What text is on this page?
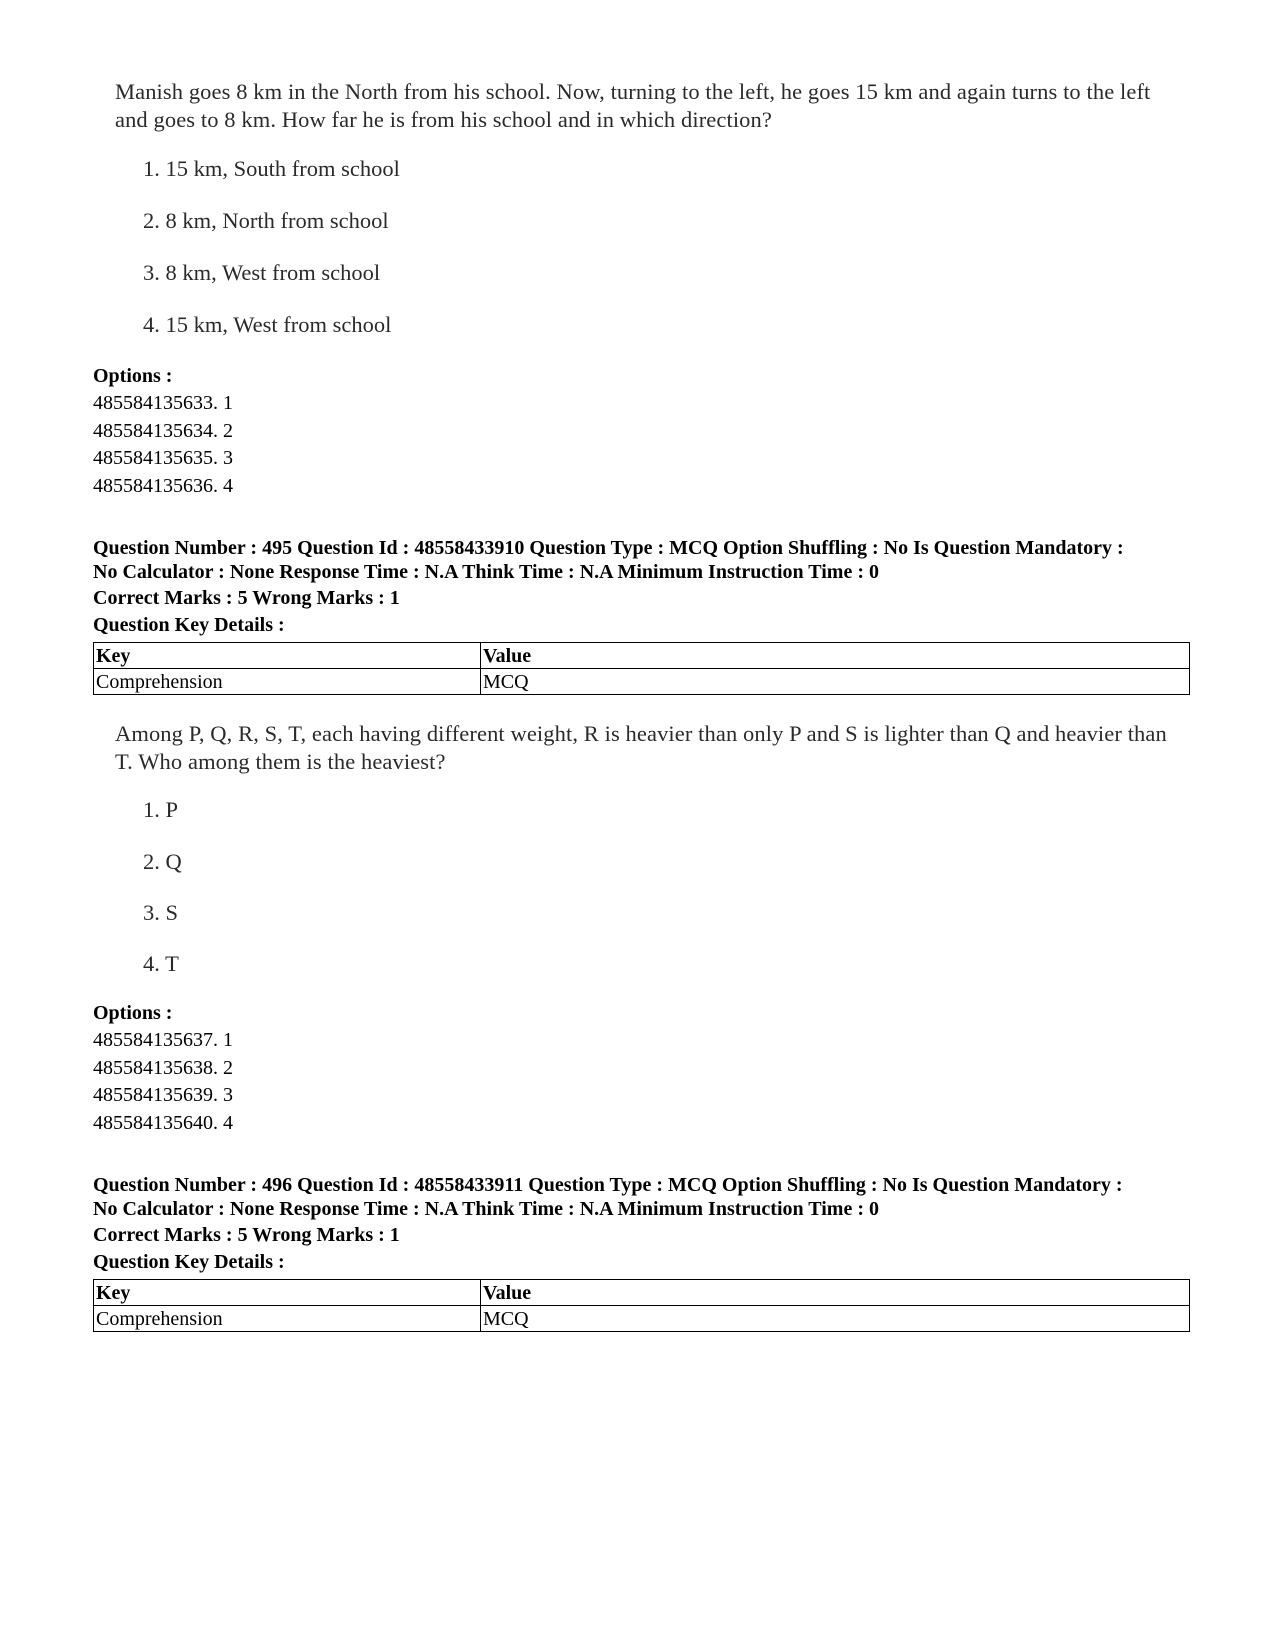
Manish goes 8 km in the North from his school. Now, turning to the left, he goes 15 km and again turns to the left and goes to 8 km. How far he is from his school and in which direction?

1. 15 km, South from school
2. 8 km, North from school
3. 8 km, West from school
4. 15 km, West from school
Options :
485584135633. 1
485584135634. 2
485584135635. 3
485584135636. 4
Question Number : 495 Question Id : 48558433910 Question Type : MCQ Option Shuffling : No Is Question Mandatory :
No Calculator : None Response Time : N.A Think Time : N.A Minimum Instruction Time : 0
Correct Marks : 5 Wrong Marks : 1
Question Key Details :
Key	Value
Comprehension	MCQ

Among P, Q, R, S, T, each having different weight, R is heavier than only P and S is lighter than Q and heavier than T. Who among them is the heaviest?

1. P
2. Q
3. S
4. T
Options :
485584135637. 1
485584135638. 2
485584135639. 3
485584135640. 4
Question Number : 496 Question Id : 48558433911 Question Type : MCQ Option Shuffling : No Is Question Mandatory :
No Calculator : None Response Time : N.A Think Time : N.A Minimum Instruction Time : 0
Correct Marks : 5 Wrong Marks : 1
Question Key Details :
Key	Value
Comprehension	MCQ
